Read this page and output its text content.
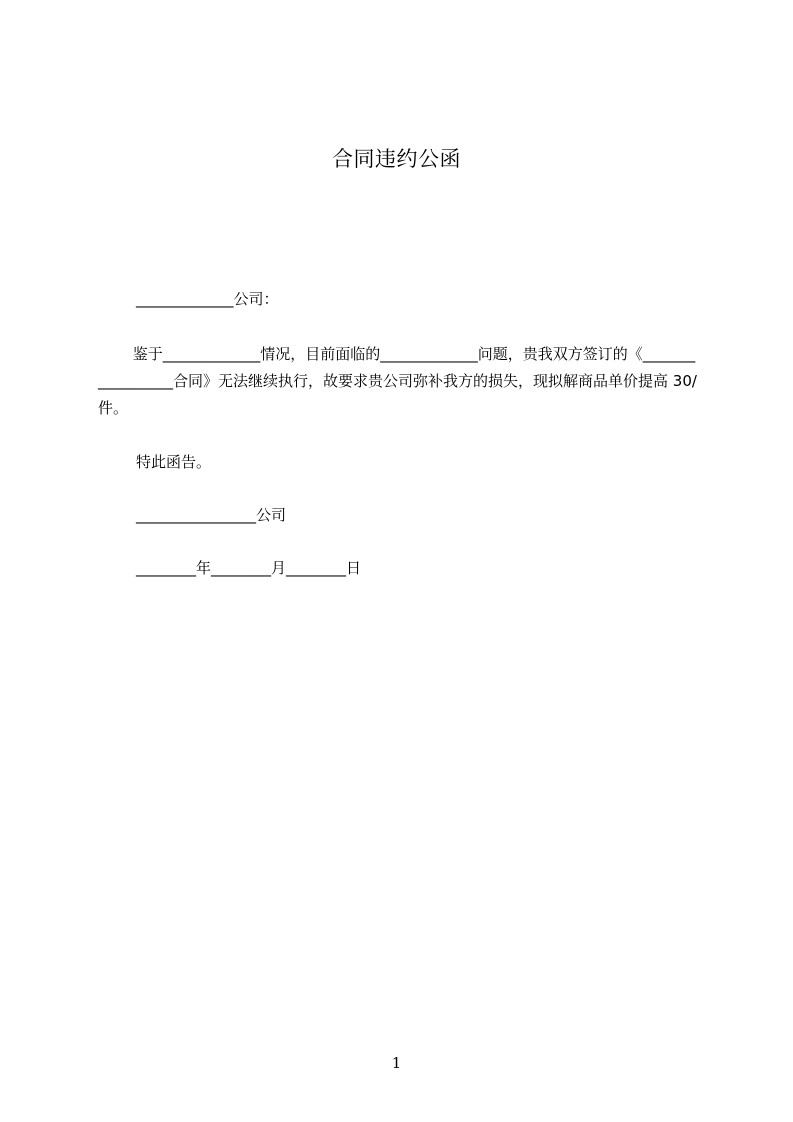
合同违约公函
_____________公司：
　　 鉴于_____________情况，目前面临的_____________问题，贵我双方签订的《_________________合同》无法继续执行，故要求贵公司弥补我方的损失，现拟解商品单价提高 30/件。
特此函告。
________________公司
________年________月________日
1
